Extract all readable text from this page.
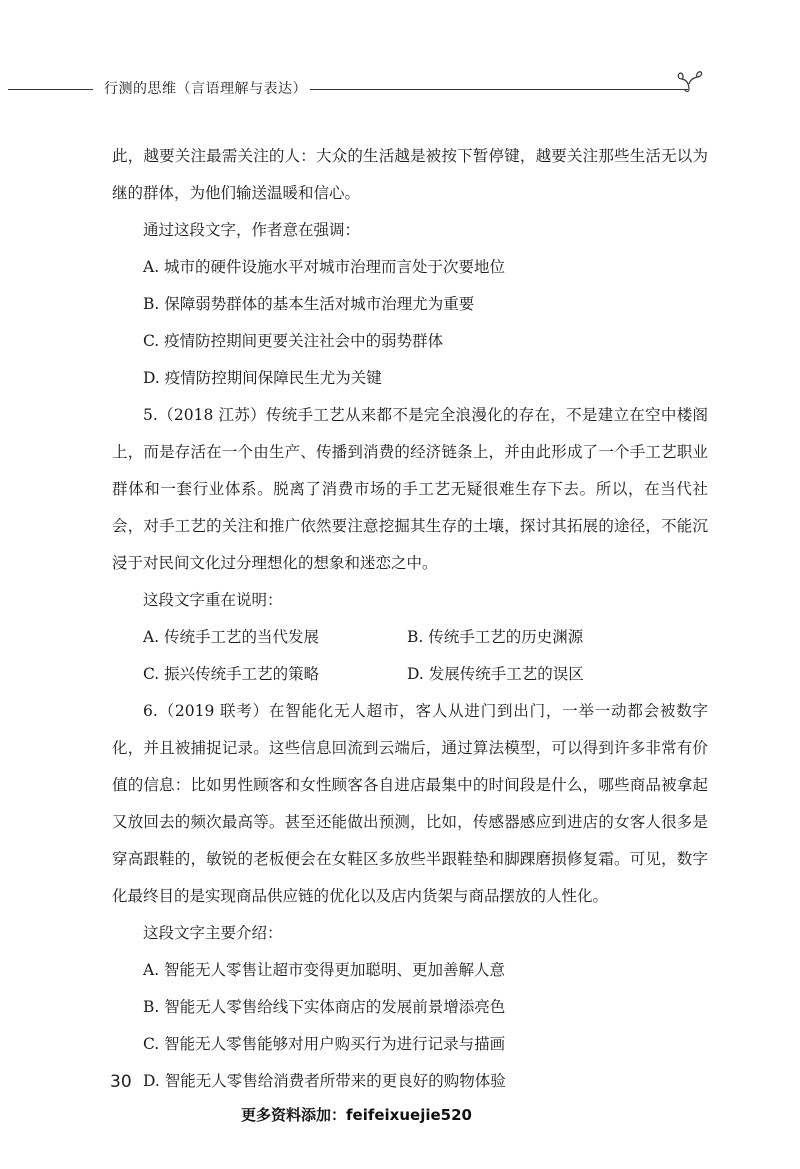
行测的思维（言语理解与表达）

此，越要关注最需关注的人：大众的生活越是被按下暂停键，越要关注那些生活无以为继的群体，为他们输送温暖和信心。

通过这段文字，作者意在强调：

A. 城市的硬件设施水平对城市治理而言处于次要地位

B. 保障弱势群体的基本生活对城市治理尤为重要

C. 疫情防控期间更要关注社会中的弱势群体

D. 疫情防控期间保障民生尤为关键

5.（2018 江苏）传统手工艺从来都不是完全浪漫化的存在，不是建立在空中楼阁上，而是存活在一个由生产、传播到消费的经济链条上，并由此形成了一个手工艺职业群体和一套行业体系。脱离了消费市场的手工艺无疑很难生存下去。所以，在当代社会，对手工艺的关注和推广依然要注意挖掘其生存的土壤，探讨其拓展的途径，不能沉浸于对民间文化过分理想化的想象和迷恋之中。

这段文字重在说明：

A. 传统手工艺的当代发展	B. 传统手工艺的历史渊源
C. 振兴传统手工艺的策略	D. 发展传统手工艺的误区

6.（2019 联考）在智能化无人超市，客人从进门到出门，一举一动都会被数字化，并且被捕捉记录。这些信息回流到云端后，通过算法模型，可以得到许多非常有价值的信息：比如男性顾客和女性顾客各自进店最集中的时间段是什么，哪些商品被拿起又放回去的频次最高等。甚至还能做出预测，比如，传感器感应到进店的女客人很多是穿高跟鞋的，敏锐的老板便会在女鞋区多放些半跟鞋垫和脚踝磨损修复霜。可见，数字化最终目的是实现商品供应链的优化以及店内货架与商品摆放的人性化。

这段文字主要介绍：

A. 智能无人零售让超市变得更加聪明、更加善解人意

B. 智能无人零售给线下实体商店的发展前景增添亮色

C. 智能无人零售能够对用户购买行为进行记录与描画

D. 智能无人零售给消费者所带来的更良好的购物体验

30
更多资料添加：feifeixuejie520
